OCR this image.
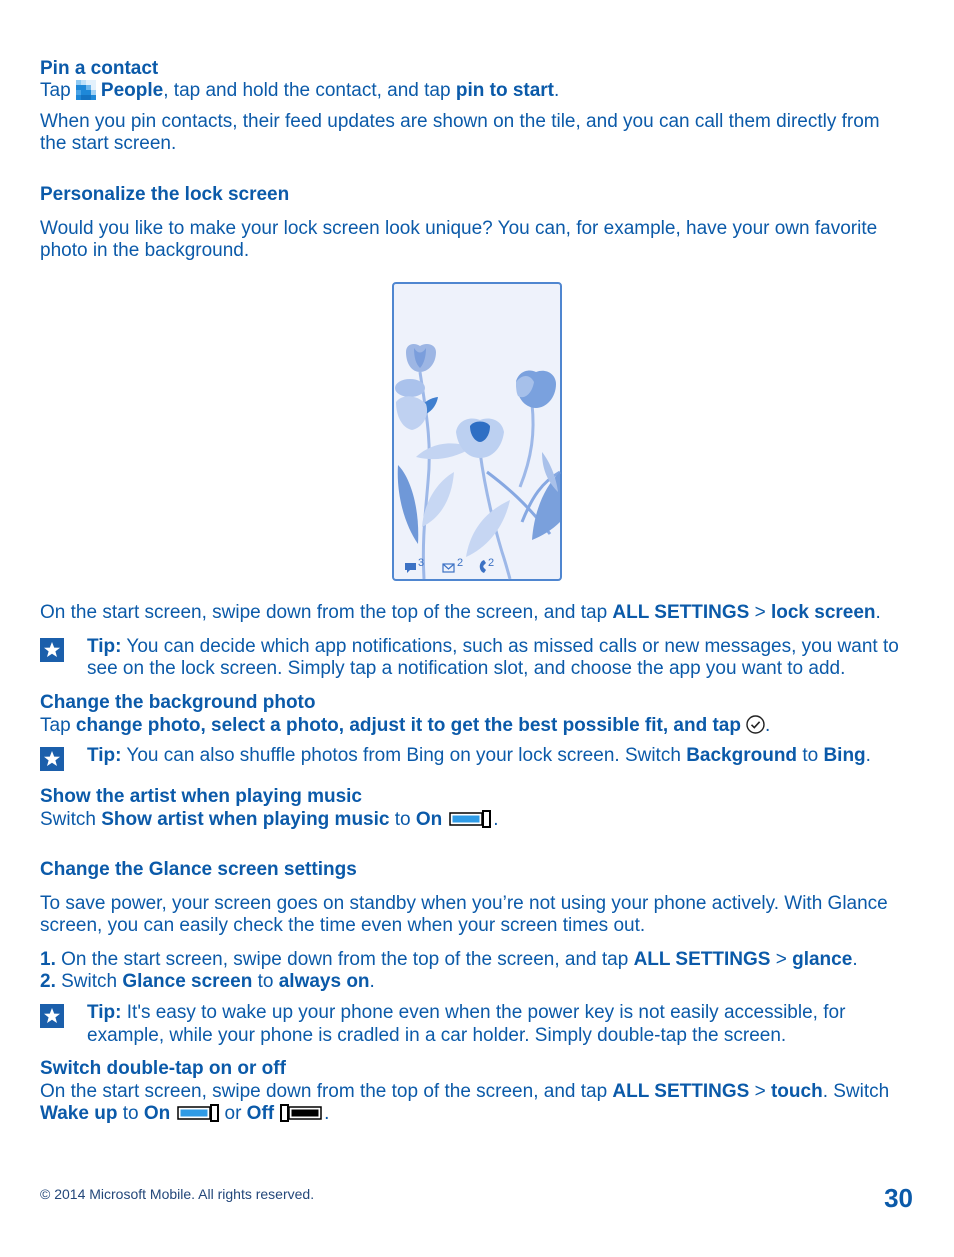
Pin a contact
Tap People, tap and hold the contact, and tap pin to start.
When you pin contacts, their feed updates are shown on the tile, and you can call them directly from
the start screen.
Personalize the lock screen
Would you like to make your lock screen look unique? You can, for example, have your own favorite
photo in the background.
3	2 2
On the start screen, swipe down from the top of the screen, and tap ALL SETTINGS > lock screen.
Tip: You can decide which app notifications, such as missed calls or new messages, you want to
see on the lock screen. Simply tap a notification slot, and choose the app you want to add.
Change the background photo
Tap change photo, select a photo, adjust it to get the best possible fit, and tap .
Tip: You can also shuffle photos from Bing on your lock screen. Switch Background to Bing.
Show the artist when playing music
Switch Show artist when playing music to On	.
Change the Glance screen settings
To save power, your screen goes on standby when you’re not using your phone actively. With Glance
screen, you can easily check the time even when your screen times out.
1. On the start screen, swipe down from the top of the screen, and tap ALL SETTINGS > glance.
2. Switch Glance screen to always on.
Tip: It's easy to wake up your phone even when the power key is not easily accessible, for
example, while your phone is cradled in a car holder. Simply double-tap the screen.
Switch double-tap on or off
On the start screen, swipe down from the top of the screen, and tap ALL SETTINGS > touch. Switch
Wake up to On	or Off	.
© 2014 Microsoft Mobile. All rights reserved.	30
